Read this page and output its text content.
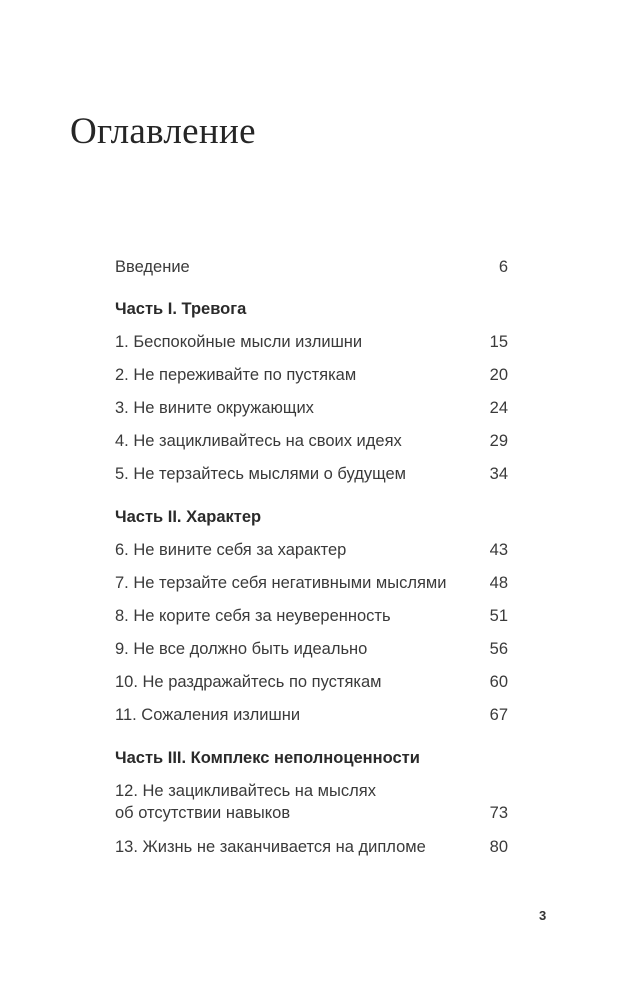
Оглавление
Введение	6
Часть I. Тревога
1. Беспокойные мысли излишни	15
2. Не переживайте по пустякам	20
3. Не вините окружающих	24
4. Не зацикливайтесь на своих идеях	29
5. Не терзайтесь мыслями о будущем	34
Часть II. Характер
6. Не вините себя за характер	43
7. Не терзайте себя негативными мыслями	48
8. Не корите себя за неуверенность	51
9. Не все должно быть идеально	56
10. Не раздражайтесь по пустякам	60
11. Сожаления излишни	67
Часть III. Комплекс неполноценности
12. Не зацикливайтесь на мыслях
об отсутствии навыков	73
13. Жизнь не заканчивается на дипломе	80
3
